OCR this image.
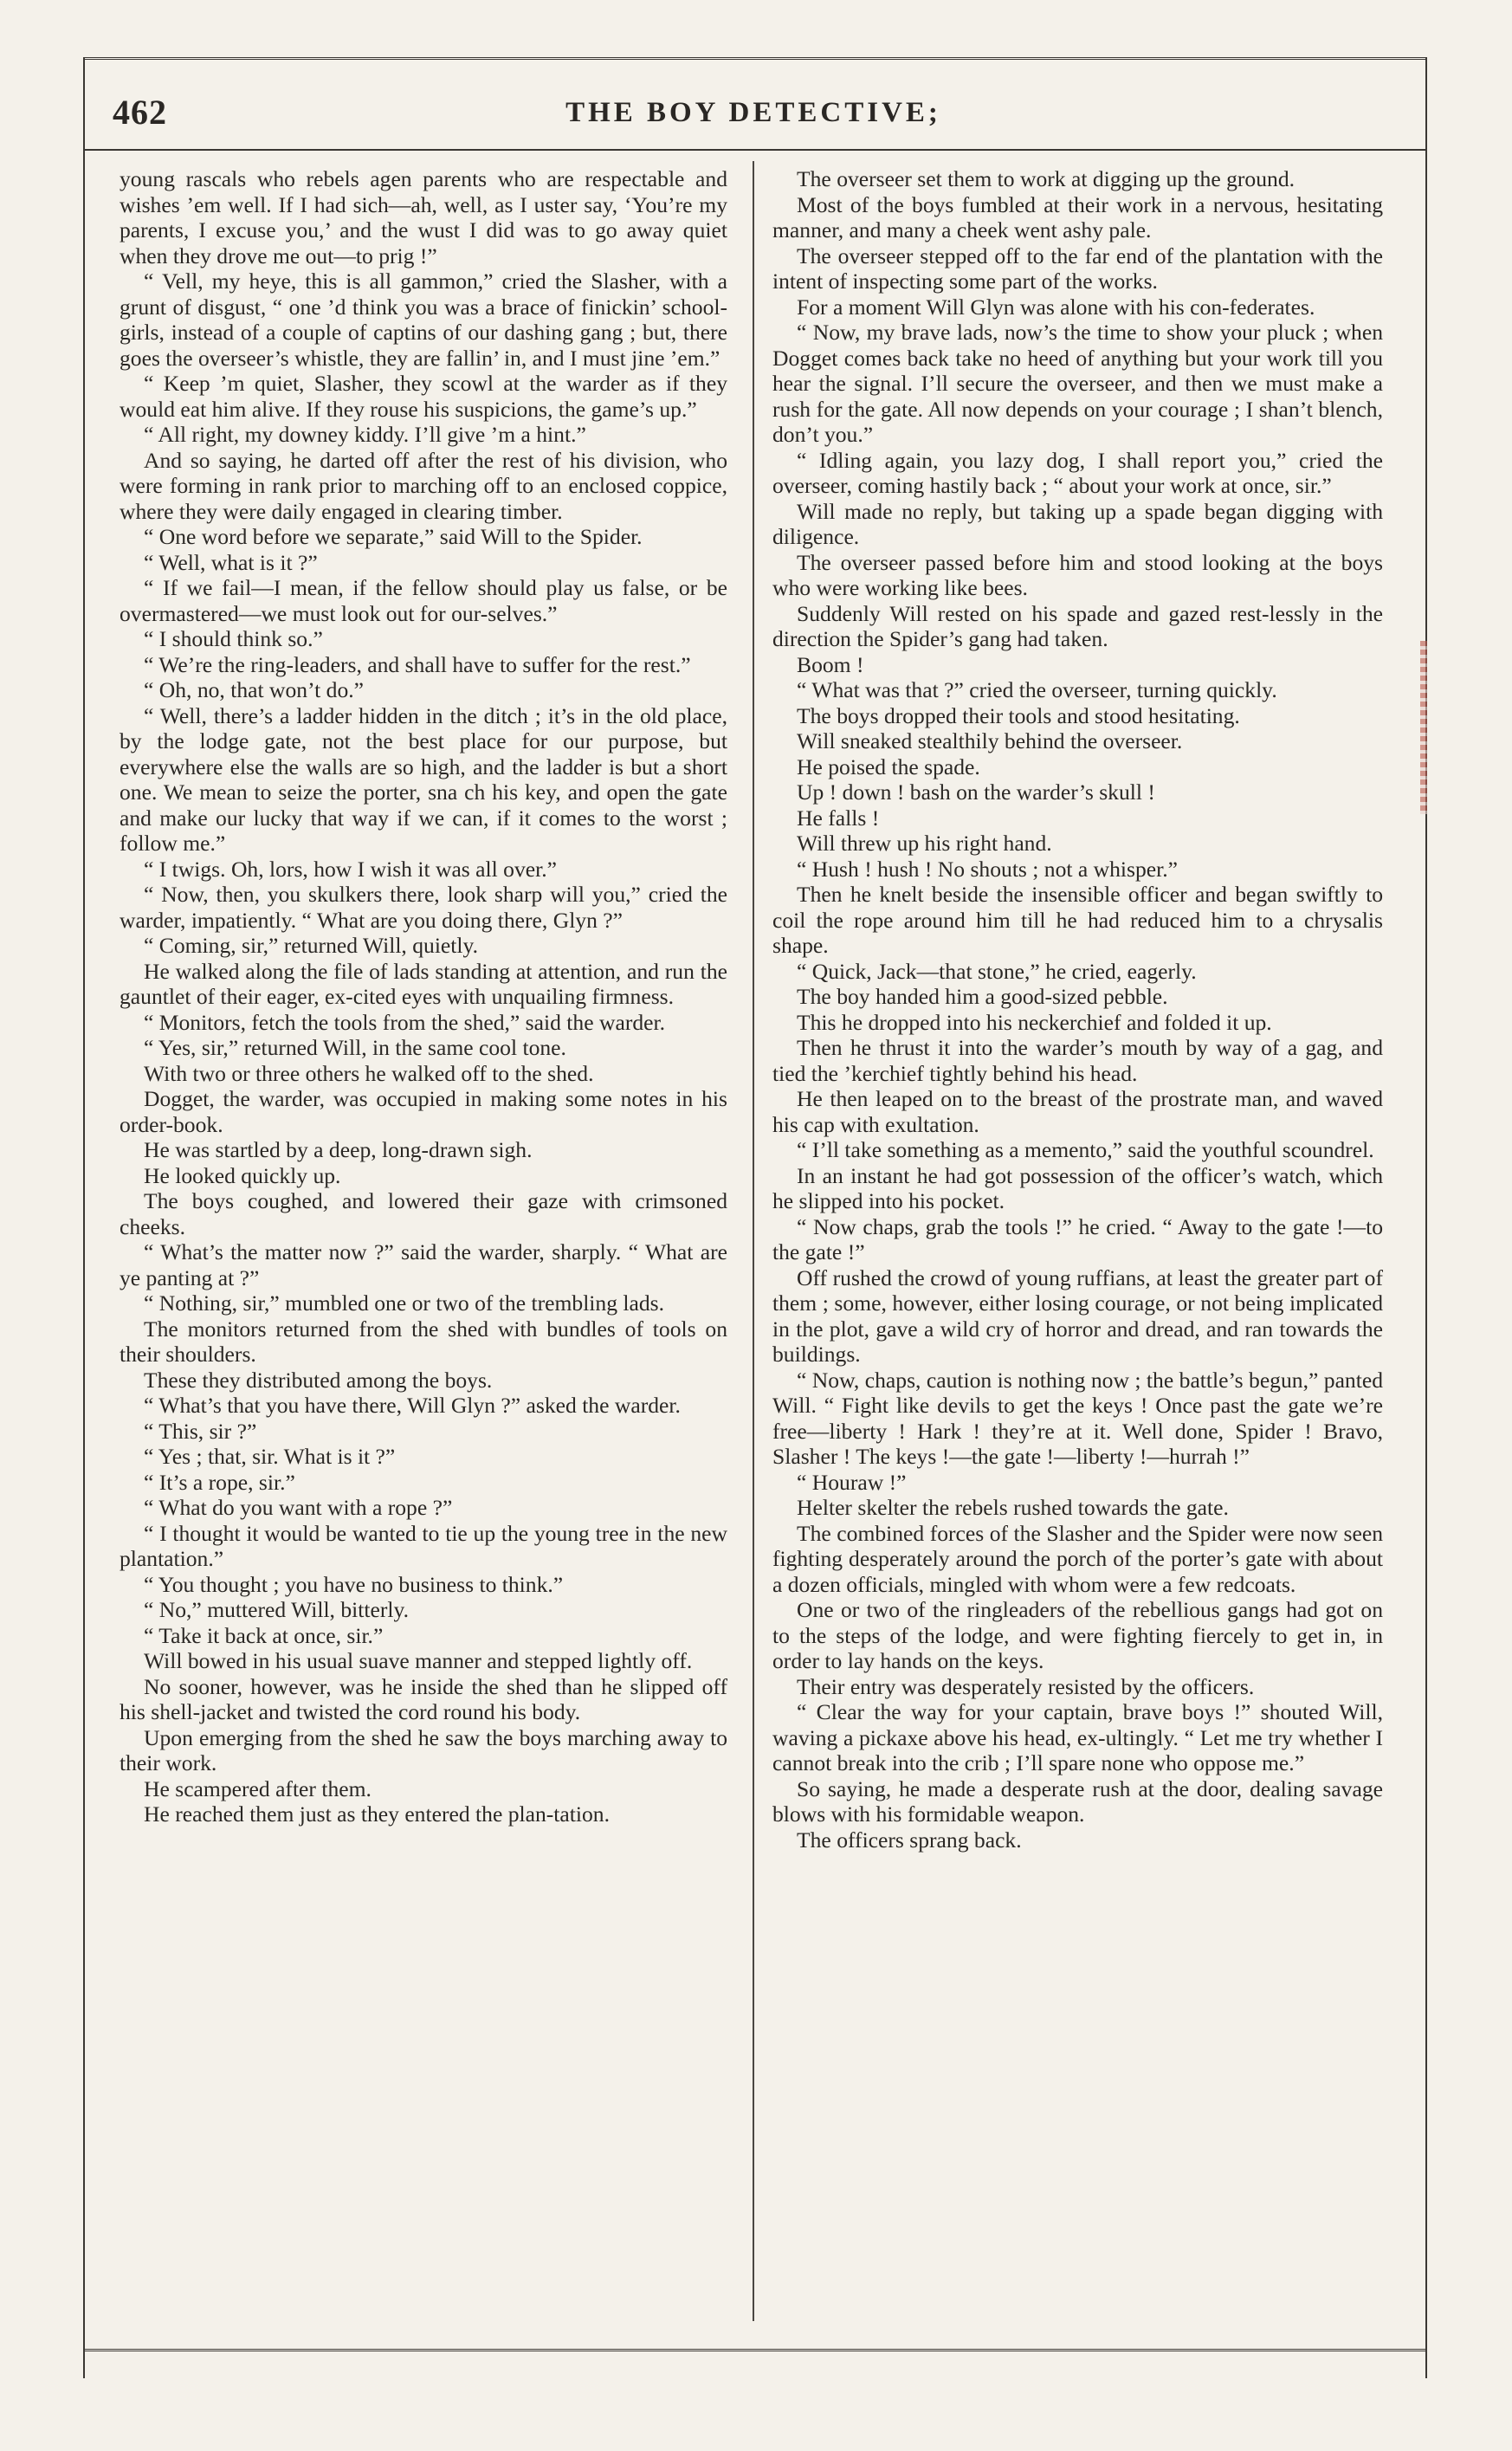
462	THE BOY DETECTIVE;

young rascals who rebels agen parents who are respectable and wishes ’em well. If I had sich—ah, well, as I uster say, ‘You’re my parents, I excuse you,’ and the wust I did was to go away quiet when they drove me out—to prig !”

“ Vell, my heye, this is all gammon,” cried the Slasher, with a grunt of disgust, “ one ’d think you was a brace of finickin’ school-girls, instead of a couple of captins of our dashing gang ; but, there goes the overseer’s whistle, they are fallin’ in, and I must jine ’em.”

“ Keep ’m quiet, Slasher, they scowl at the warder as if they would eat him alive. If they rouse his suspicions, the game’s up.”

“ All right, my downey kiddy. I’ll give ’m a hint.”

And so saying, he darted off after the rest of his division, who were forming in rank prior to marching off to an enclosed coppice, where they were daily engaged in clearing timber.

“ One word before we separate,” said Will to the Spider.

“ Well, what is it ?”

“ If we fail—I mean, if the fellow should play us false, or be overmastered—we must look out for our-selves.”

“ I should think so.”

“ We’re the ring-leaders, and shall have to suffer for the rest.”

“ Oh, no, that won’t do.”

“ Well, there’s a ladder hidden in the ditch ; it’s in the old place, by the lodge gate, not the best place for our purpose, but everywhere else the walls are so high, and the ladder is but a short one. We mean to seize the porter, sna ch his key, and open the gate and make our lucky that way if we can, if it comes to the worst ; follow me.”

“ I twigs. Oh, lors, how I wish it was all over.”

“ Now, then, you skulkers there, look sharp will you,” cried the warder, impatiently. “ What are you doing there, Glyn ?”

“ Coming, sir,” returned Will, quietly.

He walked along the file of lads standing at attention, and run the gauntlet of their eager, ex-cited eyes with unquailing firmness.

“ Monitors, fetch the tools from the shed,” said the warder.

“ Yes, sir,” returned Will, in the same cool tone.

With two or three others he walked off to the shed.

Dogget, the warder, was occupied in making some notes in his order-book.

He was startled by a deep, long-drawn sigh.

He looked quickly up.

The boys coughed, and lowered their gaze with crimsoned cheeks.

“ What’s the matter now ?” said the warder, sharply. “ What are ye panting at ?”

“ Nothing, sir,” mumbled one or two of the trembling lads.

The monitors returned from the shed with bundles of tools on their shoulders.

These they distributed among the boys.

“ What’s that you have there, Will Glyn ?” asked the warder.

“ This, sir ?”

“ Yes ; that, sir. What is it ?”

“ It’s a rope, sir.”

“ What do you want with a rope ?”

“ I thought it would be wanted to tie up the young tree in the new plantation.”

“ You thought ; you have no business to think.”

“ No,” muttered Will, bitterly.

“ Take it back at once, sir.”

Will bowed in his usual suave manner and stepped lightly off.

No sooner, however, was he inside the shed than he slipped off his shell-jacket and twisted the cord round his body.

Upon emerging from the shed he saw the boys marching away to their work.

He scampered after them.

He reached them just as they entered the plan-tation.

The overseer set them to work at digging up the ground.

Most of the boys fumbled at their work in a nervous, hesitating manner, and many a cheek went ashy pale.

The overseer stepped off to the far end of the plantation with the intent of inspecting some part of the works.

For a moment Will Glyn was alone with his con-federates.

“ Now, my brave lads, now’s the time to show your pluck ; when Dogget comes back take no heed of anything but your work till you hear the signal. I’ll secure the overseer, and then we must make a rush for the gate. All now depends on your courage ; I shan’t blench, don’t you.”

“ Idling again, you lazy dog, I shall report you,” cried the overseer, coming hastily back ; “ about your work at once, sir.”

Will made no reply, but taking up a spade began digging with diligence.

The overseer passed before him and stood looking at the boys who were working like bees.

Suddenly Will rested on his spade and gazed rest-lessly in the direction the Spider’s gang had taken.

Boom !

“ What was that ?” cried the overseer, turning quickly.

The boys dropped their tools and stood hesitating.

Will sneaked stealthily behind the overseer.

He poised the spade.

Up ! down ! bash on the warder’s skull !

He falls !

Will threw up his right hand.

“ Hush ! hush ! No shouts ; not a whisper.”

Then he knelt beside the insensible officer and began swiftly to coil the rope around him till he had reduced him to a chrysalis shape.

“ Quick, Jack—that stone,” he cried, eagerly.

The boy handed him a good-sized pebble.

This he dropped into his neckerchief and folded it up.

Then he thrust it into the warder’s mouth by way of a gag, and tied the ’kerchief tightly behind his head.

He then leaped on to the breast of the prostrate man, and waved his cap with exultation.

“ I’ll take something as a memento,” said the youthful scoundrel.

In an instant he had got possession of the officer’s watch, which he slipped into his pocket.

“ Now chaps, grab the tools !” he cried. “ Away to the gate !—to the gate !”

Off rushed the crowd of young ruffians, at least the greater part of them ; some, however, either losing courage, or not being implicated in the plot, gave a wild cry of horror and dread, and ran towards the buildings.

“ Now, chaps, caution is nothing now ; the battle’s begun,” panted Will. “ Fight like devils to get the keys ! Once past the gate we’re free—liberty ! Hark ! they’re at it. Well done, Spider ! Bravo, Slasher ! The keys !—the gate !—liberty !—hurrah !”

“ Houraw !”

Helter skelter the rebels rushed towards the gate.

The combined forces of the Slasher and the Spider were now seen fighting desperately around the porch of the porter’s gate with about a dozen officials, mingled with whom were a few redcoats.

One or two of the ringleaders of the rebellious gangs had got on to the steps of the lodge, and were fighting fiercely to get in, in order to lay hands on the keys.

Their entry was desperately resisted by the officers.

“ Clear the way for your captain, brave boys !” shouted Will, waving a pickaxe above his head, ex-ultingly. “ Let me try whether I cannot break into the crib ; I’ll spare none who oppose me.”

So saying, he made a desperate rush at the door, dealing savage blows with his formidable weapon.

The officers sprang back.
